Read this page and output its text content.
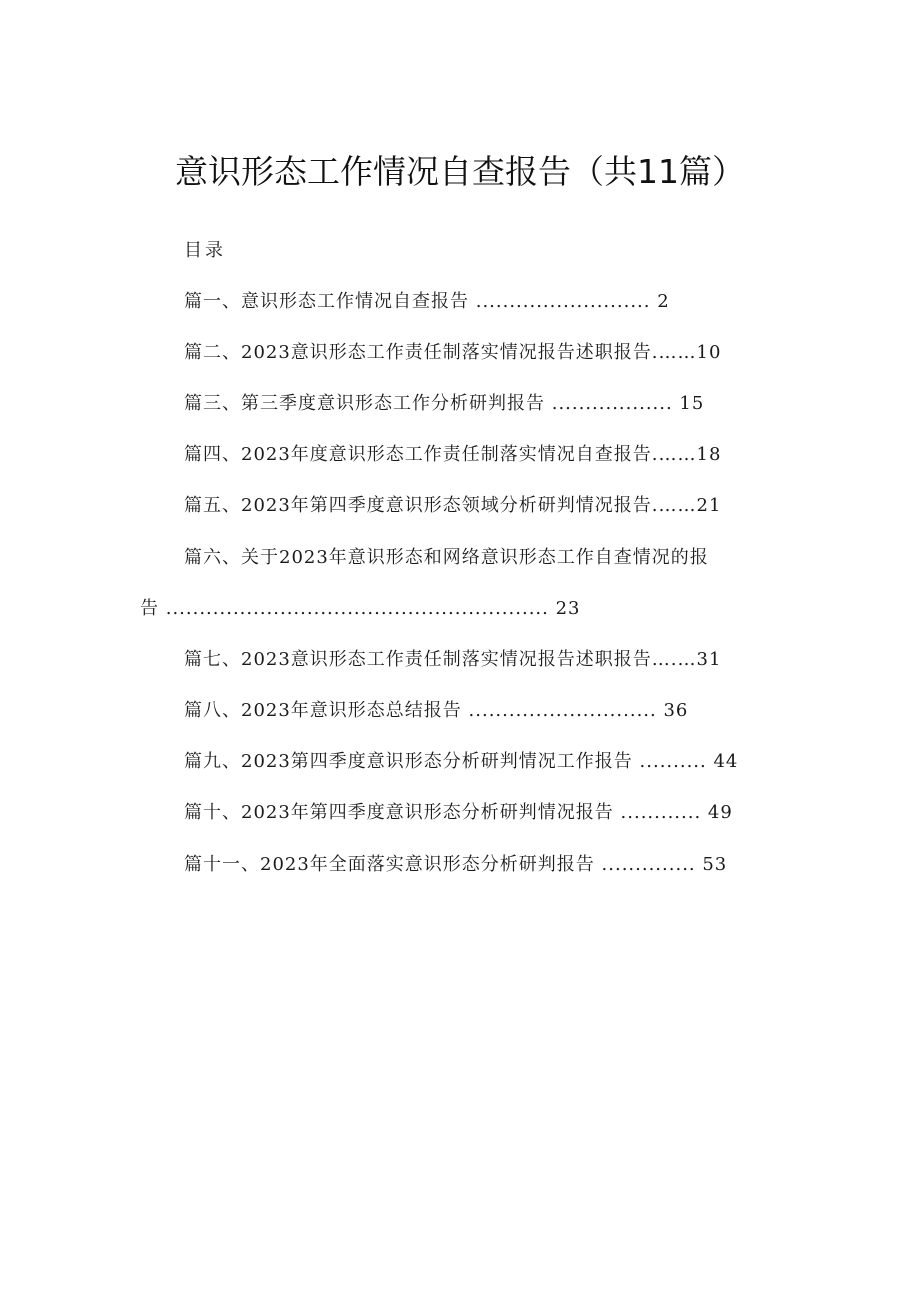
意识形态工作情况自查报告（共11篇）
目录
篇一、意识形态工作情况自查报告 .......................... 2
篇二、2023意识形态工作责任制落实情况报告述职报告.……10
篇三、第三季度意识形态工作分析研判报告 .................. 15
篇四、2023年度意识形态工作责任制落实情况自查报告.……18
篇五、2023年第四季度意识形态领域分析研判情况报告.……21
篇六、关于2023年意识形态和网络意识形态工作自查情况的报
告 ......................................................... 23
篇七、2023意识形态工作责任制落实情况报告述职报告….…31
篇八、2023年意识形态总结报告 ............................ 36
篇九、2023第四季度意识形态分析研判情况工作报告 .......... 44
篇十、2023年第四季度意识形态分析研判情况报告 ............ 49
篇十一、2023年全面落实意识形态分析研判报告 .............. 53
